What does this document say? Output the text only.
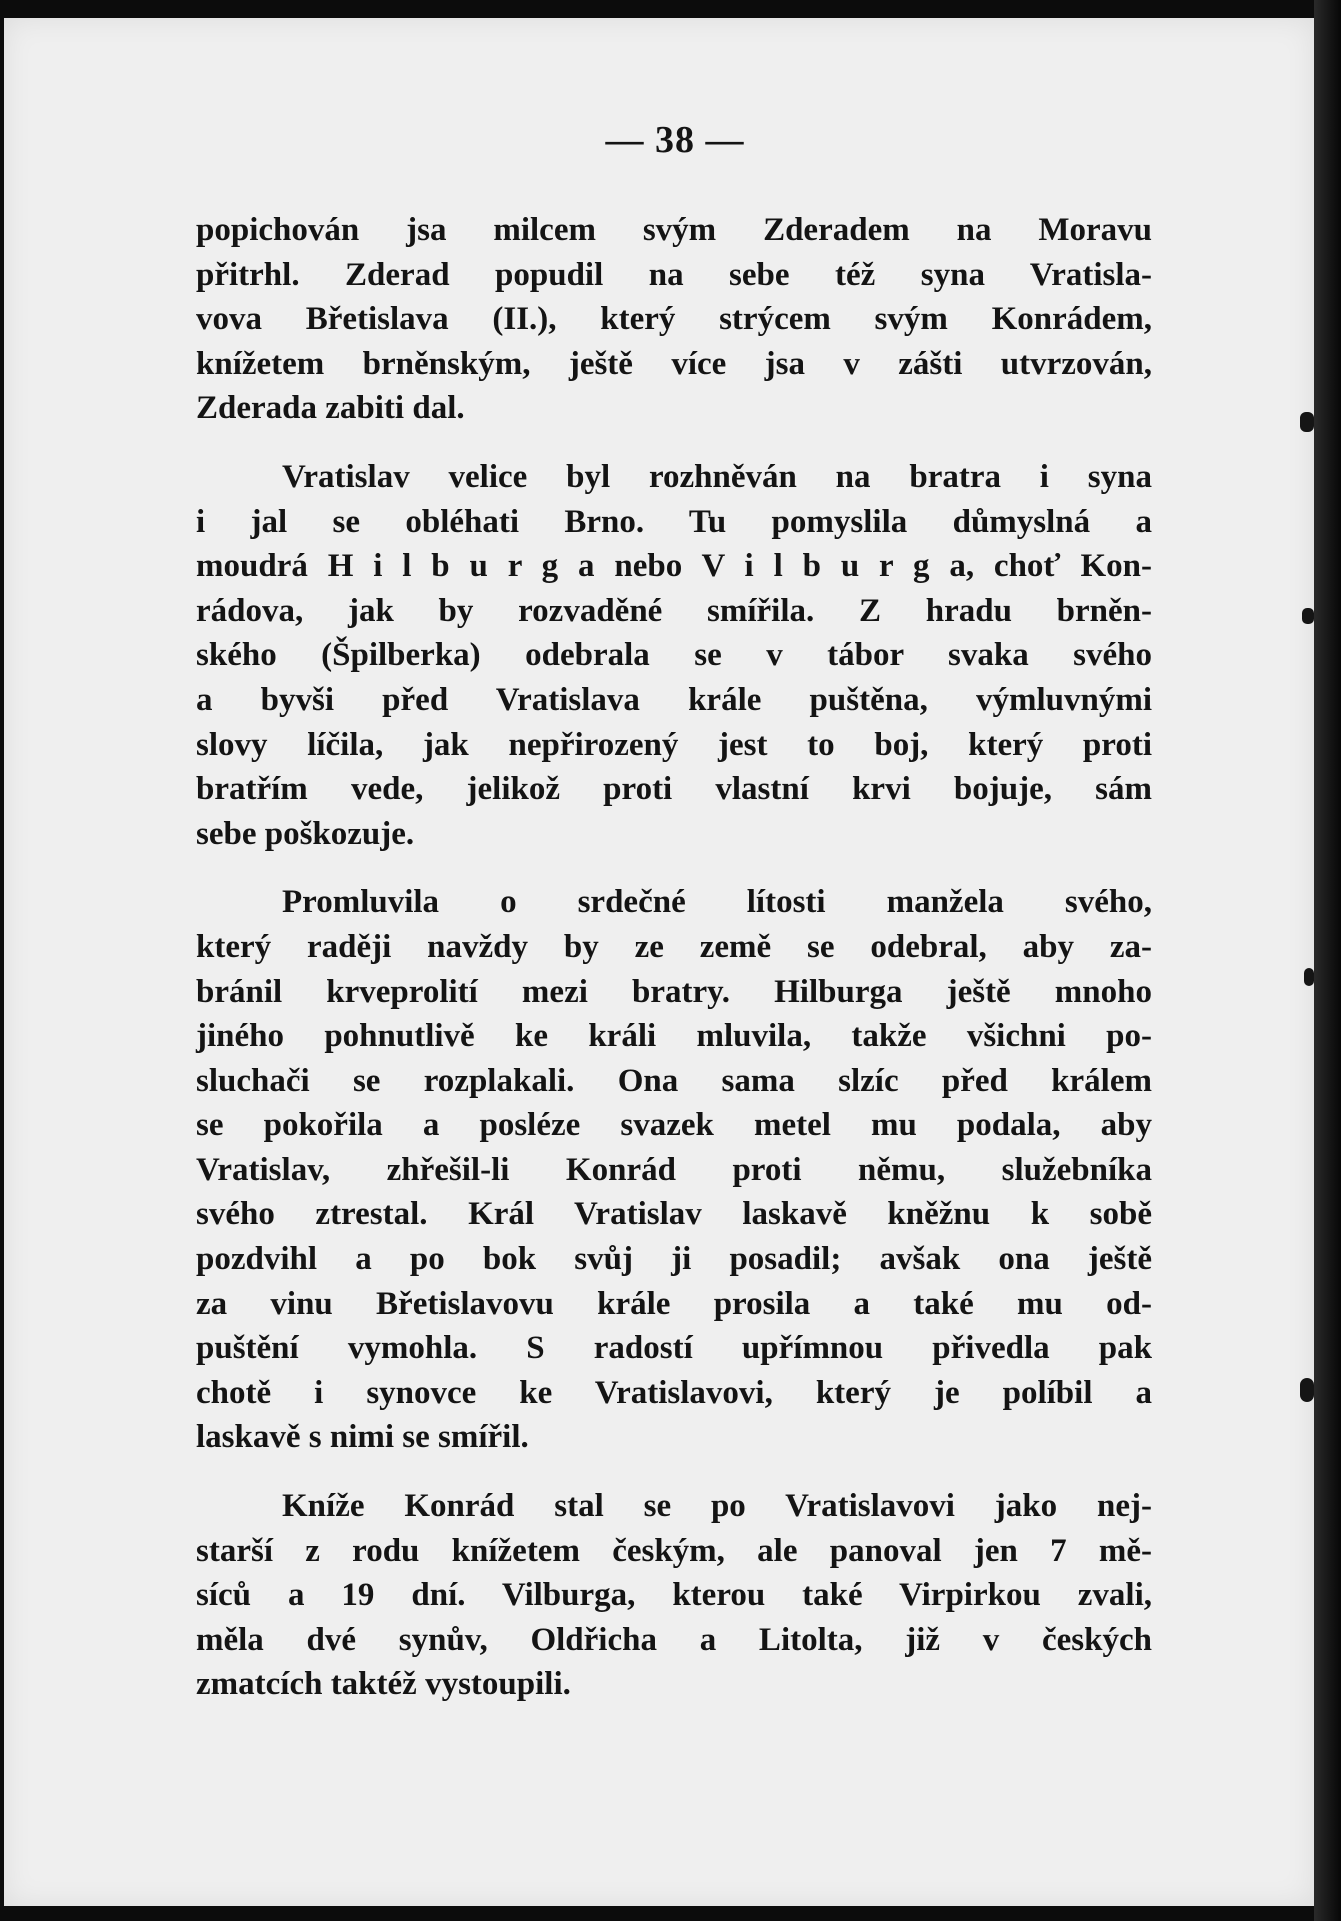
— 38 —

popichován jsa milcem svým Zderadem na Moravu
přitrhl. Zderad popudil na sebe též syna Vratisla-
vova Břetislava (II.), který strýcem svým Konrádem,
knížetem brněnským, ještě více jsa v zášti utvrzován,
Zderada zabiti dal.

Vratislav velice byl rozhněván na bratra i syna
i jal se obléhati Brno. Tu pomyslila důmyslná a
moudrá H i l b u r g a nebo V i l b u r g a, choť Kon-
rádova, jak by rozvaděné smířila. Z hradu brněn-
ského (Špilberka) odebrala se v tábor svaka svého
a byvši před Vratislava krále puštěna, výmluvnými
slovy líčila, jak nepřirozený jest to boj, který proti
bratřím vede, jelikož proti vlastní krvi bojuje, sám
sebe poškozuje.

Promluvila o srdečné lítosti manžela svého,
který raději navždy by ze země se odebral, aby za-
bránil krveprolití mezi bratry. Hilburga ještě mnoho
jiného pohnutlivě ke králi mluvila, takže všichni po-
sluchači se rozplakali. Ona sama slzíc před králem
se pokořila a posléze svazek metel mu podala, aby
Vratislav, zhřešil-li Konrád proti němu, služebníka
svého ztrestal. Král Vratislav laskavě kněžnu k sobě
pozdvihl a po bok svůj ji posadil; avšak ona ještě
za vinu Břetislavovu krále prosila a také mu od-
puštění vymohla. S radostí upřímnou přivedla pak
chotě i synovce ke Vratislavovi, který je políbil a
laskavě s nimi se smířil.

Kníže Konrád stal se po Vratislavovi jako nej-
starší z rodu knížetem českým, ale panoval jen 7 mě-
síců a 19 dní. Vilburga, kterou také Virpirkou zvali,
měla dvé synův, Oldřicha a Litolta, již v českých
zmatcích taktéž vystoupili.
